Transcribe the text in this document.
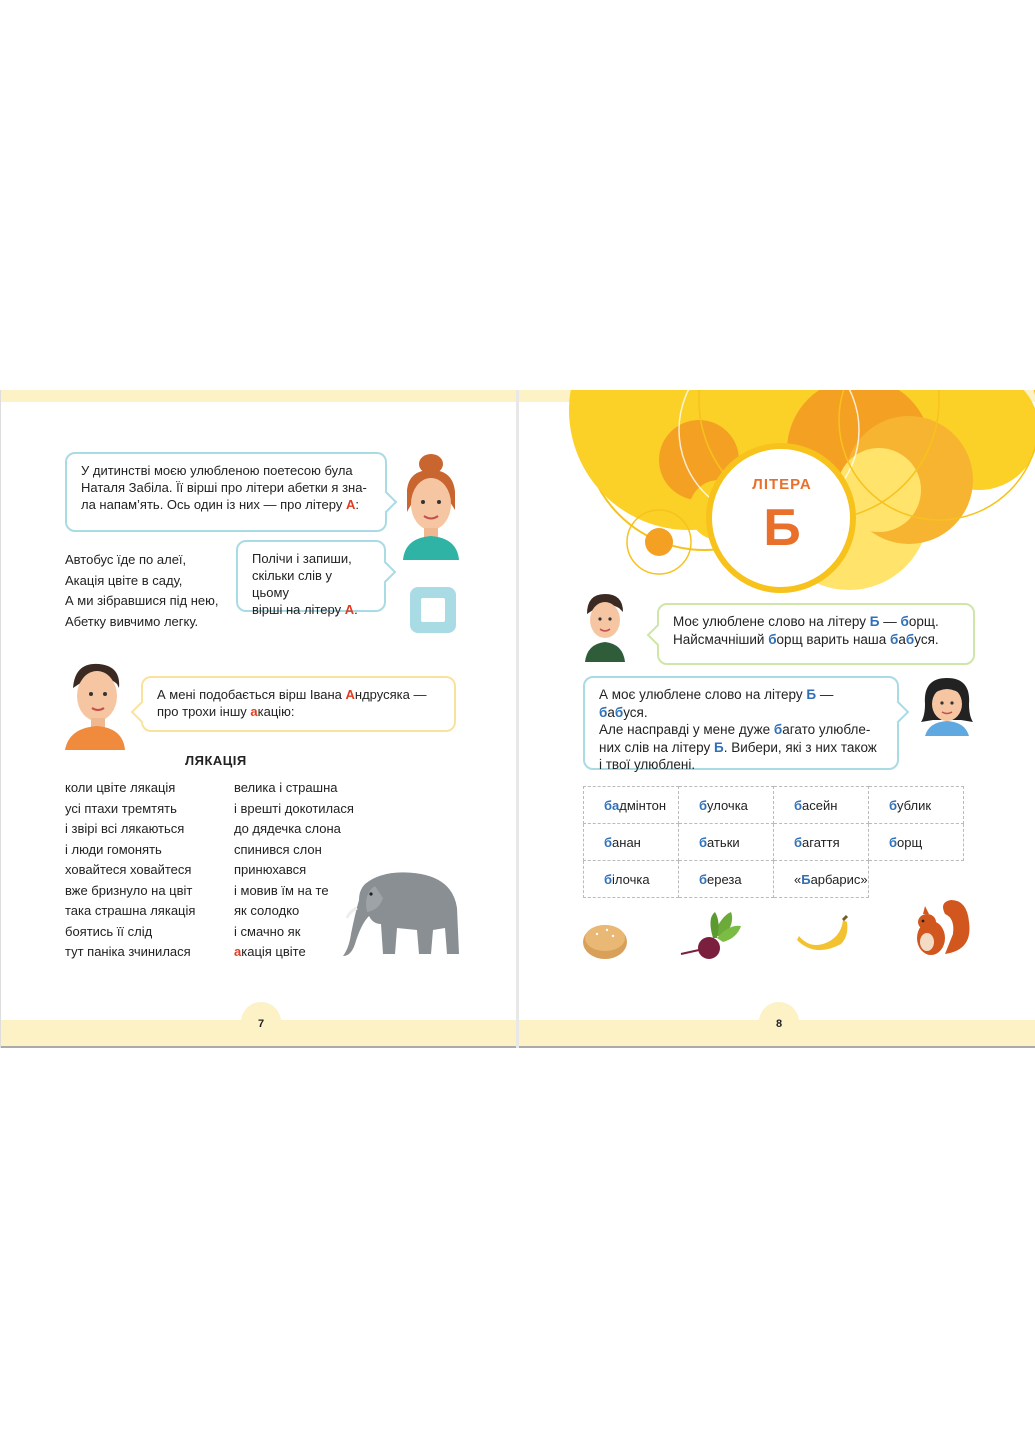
У дитинстві моєю улюбленою поетесою була
Наталя Забіла. Її вірші про літери абетки я зна-
ла напам’ять. Ось один із них — про літеру А:
Автобус їде по алеї,
Акація цвіте в саду,
А ми зібравшися під нею,
Абетку вивчимо легку.
Полічи і запиши,
скільки слів у цьому
вірші на літеру А.
А мені подобається вірш Івана Андрусяка —
про трохи іншу акацію:
ЛЯКАЦІЯ
коли цвіте лякація
усі птахи тремтять
і звірі всі лякаються
і люди гомонять
ховайтеся ховайтеся
вже бризнуло на цвіт
така страшна лякація
боятись її слід
тут паніка зчинилася
велика і страшна
і врешті докотилася
до дядечка слона
спинився слон
принюхався
і мовив їм на те
як солодко
і смачно як
акація цвіте
7
ЛІТЕРА
Б
Моє улюблене слово на літеру Б — борщ.
Найсмачніший борщ варить наша бабуся.
А моє улюблене слово на літеру Б — бабуся.
Але насправді у мене дуже багато улюбле-
них слів на літеру Б. Вибери, які з них також
і твої улюблені.
бадмінтон	булочка	басейн	бублик
банан	батьки	багаття	борщ
білочка	береза	«Барбарис»	
8
